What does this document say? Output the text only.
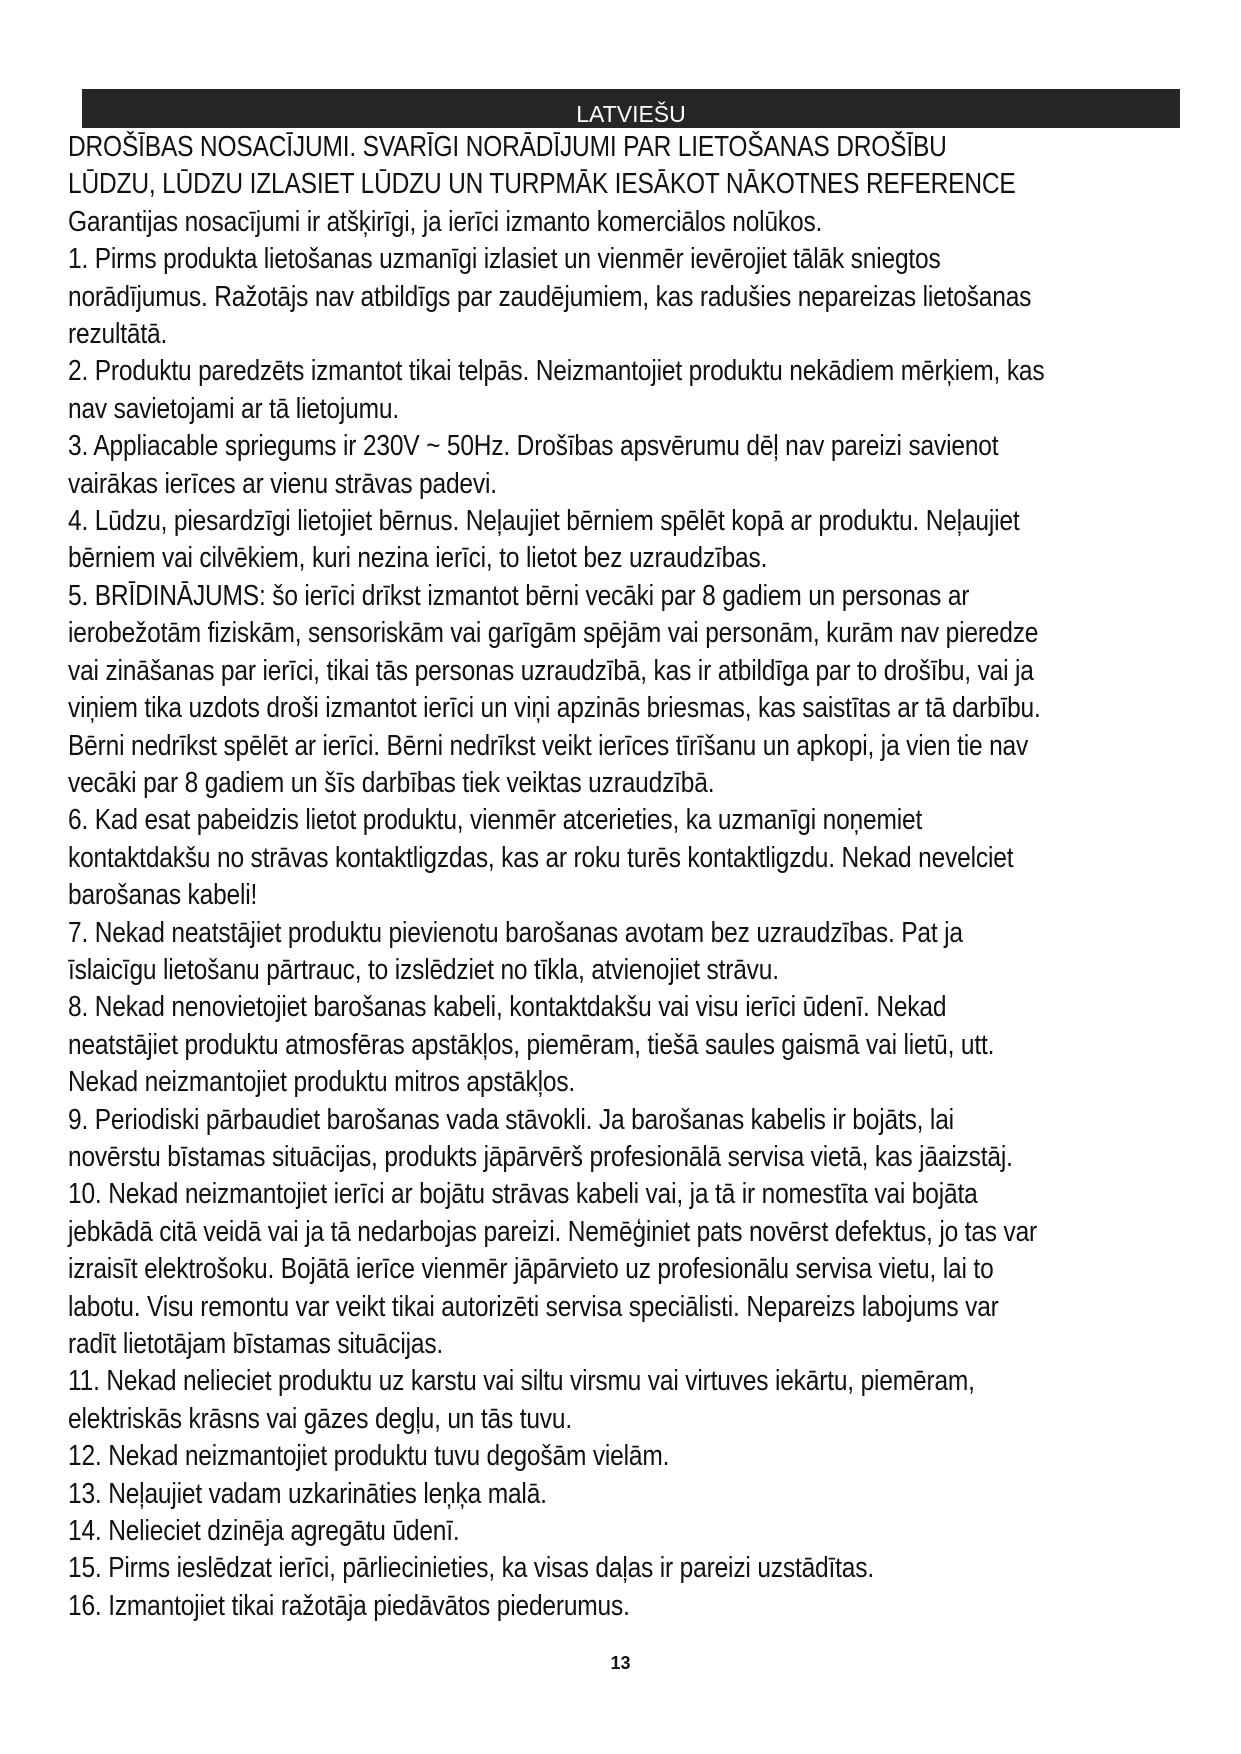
LATVIEŠU
DROŠĪBAS NOSACĪJUMI. SVARĪGI NORĀDĪJUMI PAR LIETOŠANAS DROŠĪBU
LŪDZU, LŪDZU IZLASIET LŪDZU UN TURPMĀK IESĀKOT NĀKOTNES REFERENCE
Garantijas nosacījumi ir atšķirīgi, ja ierīci izmanto komerciālos nolūkos.
1. Pirms produkta lietošanas uzmanīgi izlasiet un vienmēr ievērojiet tālāk sniegtos
norādījumus. Ražotājs nav atbildīgs par zaudējumiem, kas radušies nepareizas lietošanas
rezultātā.
2. Produktu paredzēts izmantot tikai telpās. Neizmantojiet produktu nekādiem mērķiem, kas
nav savietojami ar tā lietojumu.
3. Appliacable spriegums ir 230V ~ 50Hz. Drošības apsvērumu dēļ nav pareizi savienot
vairākas ierīces ar vienu strāvas padevi.
4. Lūdzu, piesardzīgi lietojiet bērnus. Neļaujiet bērniem spēlēt kopā ar produktu. Neļaujiet
bērniem vai cilvēkiem, kuri nezina ierīci, to lietot bez uzraudzības.
5. BRĪDINĀJUMS: šo ierīci drīkst izmantot bērni vecāki par 8 gadiem un personas ar
ierobežotām fiziskām, sensoriskām vai garīgām spējām vai personām, kurām nav pieredze
vai zināšanas par ierīci, tikai tās personas uzraudzībā, kas ir atbildīga par to drošību, vai ja
viņiem tika uzdots droši izmantot ierīci un viņi apzinās briesmas, kas saistītas ar tā darbību.
Bērni nedrīkst spēlēt ar ierīci. Bērni nedrīkst veikt ierīces tīrīšanu un apkopi, ja vien tie nav
vecāki par 8 gadiem un šīs darbības tiek veiktas uzraudzībā.
6. Kad esat pabeidzis lietot produktu, vienmēr atcerieties, ka uzmanīgi noņemiet
kontaktdakšu no strāvas kontaktligzdas, kas ar roku turēs kontaktligzdu. Nekad nevelciet
barošanas kabeli!
7. Nekad neatstājiet produktu pievienotu barošanas avotam bez uzraudzības. Pat ja
īslaicīgu lietošanu pārtrauc, to izslēdziet no tīkla, atvienojiet strāvu.
8. Nekad nenovietojiet barošanas kabeli, kontaktdakšu vai visu ierīci ūdenī. Nekad
neatstājiet produktu atmosfēras apstākļos, piemēram, tiešā saules gaismā vai lietū, utt.
Nekad neizmantojiet produktu mitros apstākļos.
9. Periodiski pārbaudiet barošanas vada stāvokli. Ja barošanas kabelis ir bojāts, lai
novērstu bīstamas situācijas, produkts jāpārvērš profesionālā servisa vietā, kas jāaizstāj.
10. Nekad neizmantojiet ierīci ar bojātu strāvas kabeli vai, ja tā ir nomestīta vai bojāta
jebkādā citā veidā vai ja tā nedarbojas pareizi. Nemēģiniet pats novērst defektus, jo tas var
izraisīt elektrošoku. Bojātā ierīce vienmēr jāpārvieto uz profesionālu servisa vietu, lai to
labotu. Visu remontu var veikt tikai autorizēti servisa speciālisti. Nepareizs labojums var
radīt lietotājam bīstamas situācijas.
11. Nekad nelieciet produktu uz karstu vai siltu virsmu vai virtuves iekārtu, piemēram,
elektriskās krāsns vai gāzes degļu, un tās tuvu.
12. Nekad neizmantojiet produktu tuvu degošām vielām.
13. Neļaujiet vadam uzkarināties leņķa malā.
14. Nelieciet dzinēja agregātu ūdenī.
15. Pirms ieslēdzat ierīci, pārliecinieties, ka visas daļas ir pareizi uzstādītas.
16. Izmantojiet tikai ražotāja piedāvātos piederumus.
13
